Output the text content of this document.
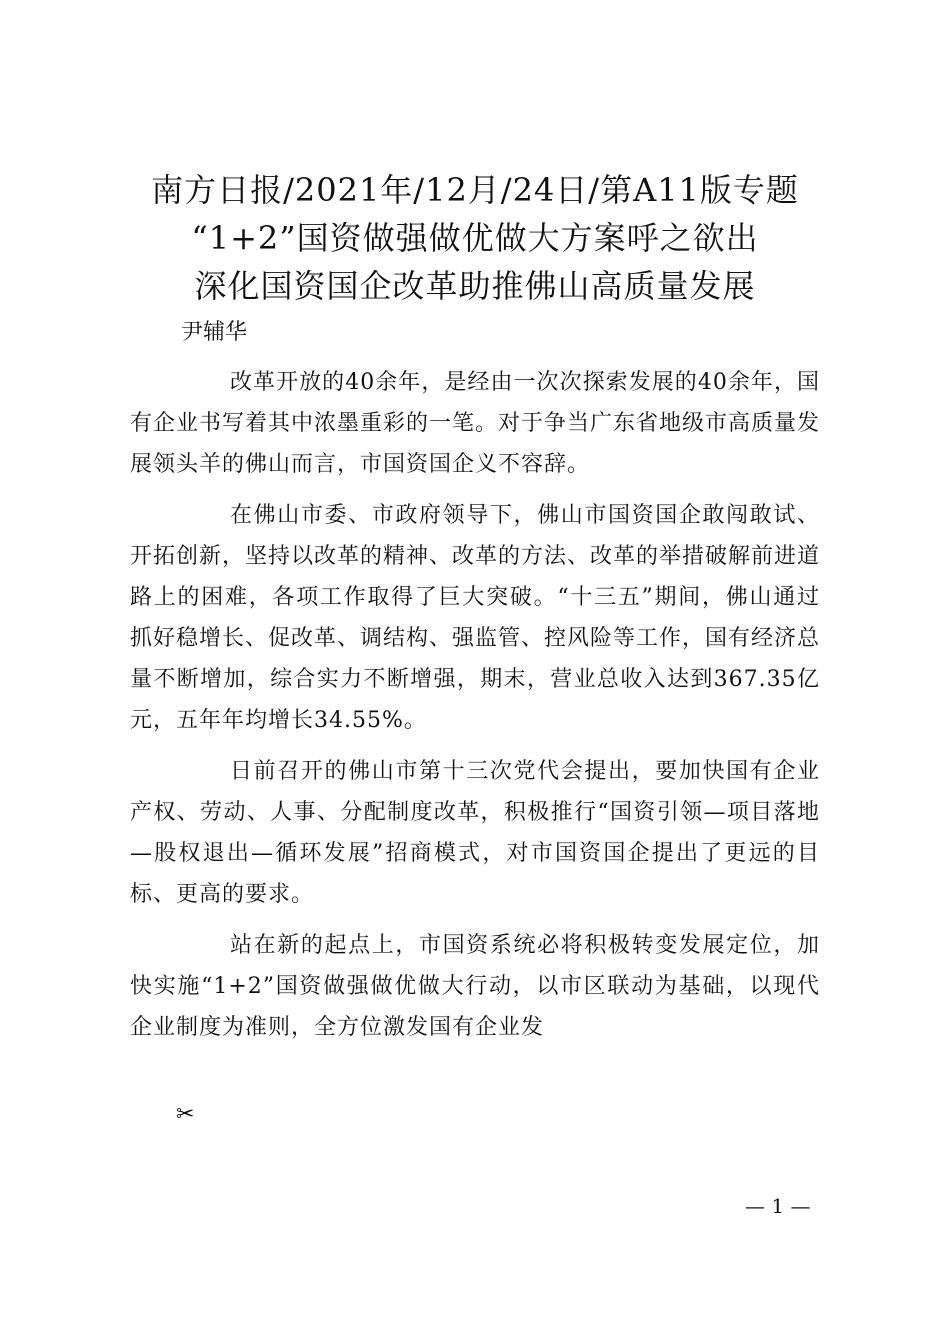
南方日报/2021年/12月/24日/第A11版专题
“1+2”国资做强做优做大方案呼之欲出
深化国资国企改革助推佛山高质量发展
尹辅华

改革开放的40余年，是经由一次次探索发展的40余年，国有企业书写着其中浓墨重彩的一笔。对于争当广东省地级市高质量发展领头羊的佛山而言，市国资国企义不容辞。

在佛山市委、市政府领导下，佛山市国资国企敢闯敢试、开拓创新，坚持以改革的精神、改革的方法、改革的举措破解前进道路上的困难，各项工作取得了巨大突破。“十三五”期间，佛山通过抓好稳增长、促改革、调结构、强监管、控风险等工作，国有经济总量不断增加，综合实力不断增强，期末，营业总收入达到367.35亿元，五年年均增长34.55%。

日前召开的佛山市第十三次党代会提出，要加快国有企业产权、劳动、人事、分配制度改革，积极推行“国资引领—项目落地—股权退出—循环发展”招商模式，对市国资国企提出了更远的目标、更高的要求。

站在新的起点上，市国资系统必将积极转变发展定位，加快实施“1+2”国资做强做优做大行动，以市区联动为基础，以现代企业制度为准则，全方位激发国有企业发

✂
— 1 —
